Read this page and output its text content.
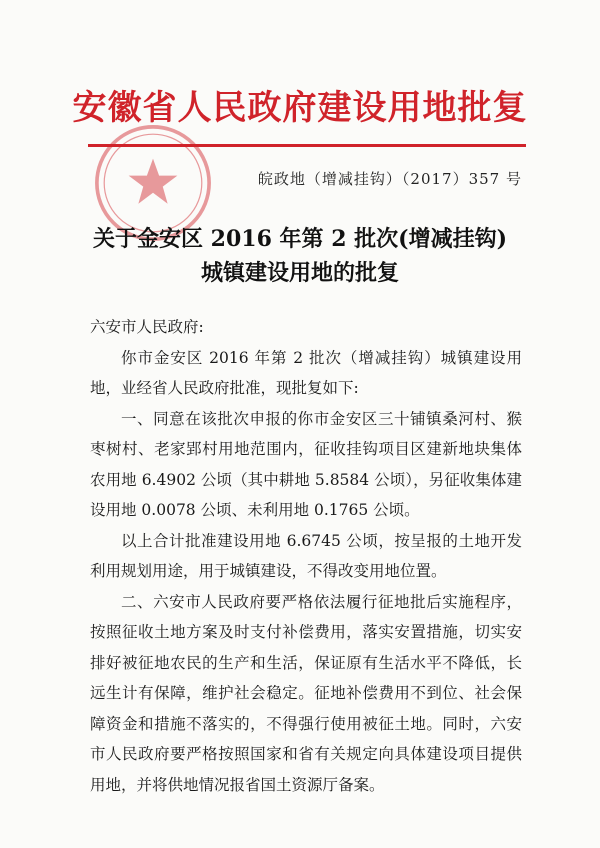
安徽省人民政府建设用地批复
皖政地（增减挂钩）（2017）357 号
关于金安区 2016 年第 2 批次(增减挂钩)
城镇建设用地的批复

六安市人民政府:

你市金安区 2016 年第 2 批次（增减挂钩）城镇建设用地，业经省人民政府批准，现批复如下:

一、同意在该批次申报的你市金安区三十铺镇桑河村、猴枣树村、老家郢村用地范围内，征收挂钩项目区建新地块集体农用地 6.4902 公顷（其中耕地 5.8584 公顷），另征收集体建设用地 0.0078 公顷、未利用地 0.1765 公顷。

以上合计批准建设用地 6.6745 公顷，按呈报的土地开发利用规划用途，用于城镇建设，不得改变用地位置。

二、六安市人民政府要严格依法履行征地批后实施程序，按照征收土地方案及时支付补偿费用，落实安置措施，切实安排好被征地农民的生产和生活，保证原有生活水平不降低，长远生计有保障，维护社会稳定。征地补偿费用不到位、社会保障资金和措施不落实的，不得强行使用被征土地。同时，六安市人民政府要严格按照国家和省有关规定向具体建设项目提供用地，并将供地情况报省国土资源厅备案。
